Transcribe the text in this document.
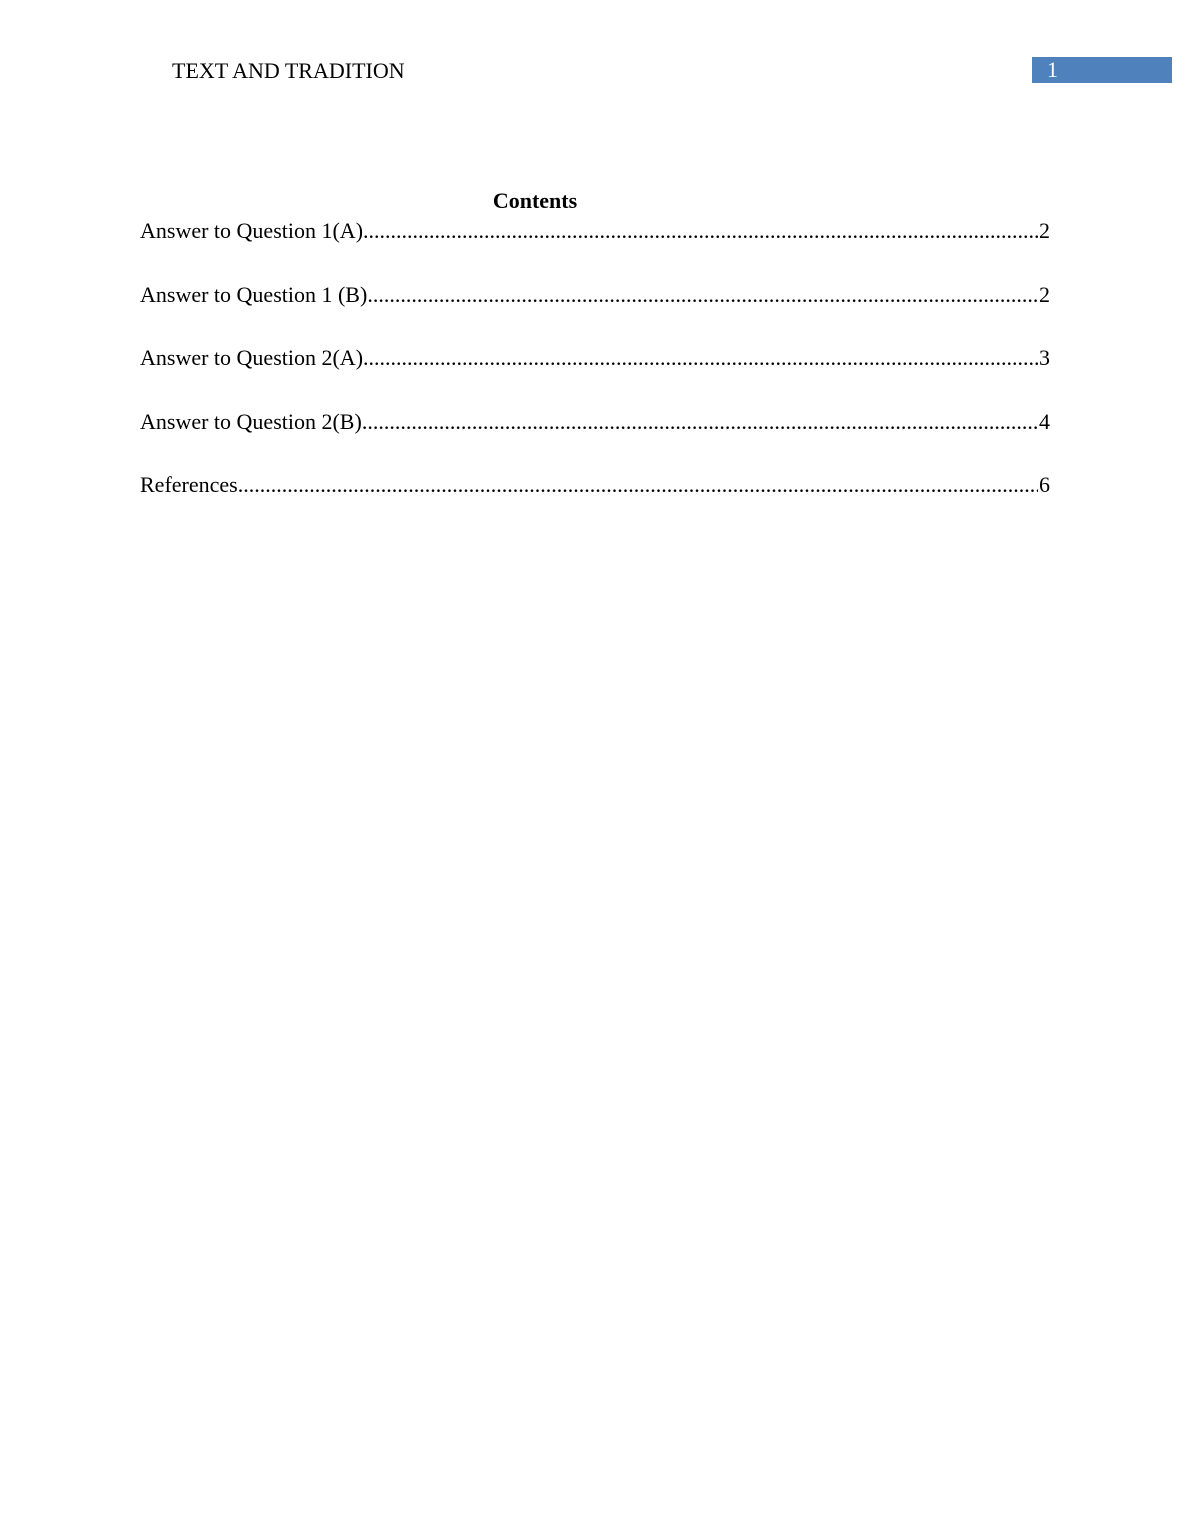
TEXT AND TRADITION	1
Contents
Answer to Question 1(A) .....	2
Answer to Question 1 (B) .....	2
Answer to Question 2(A) .....	3
Answer to Question 2(B) .....	4
References .....	6
